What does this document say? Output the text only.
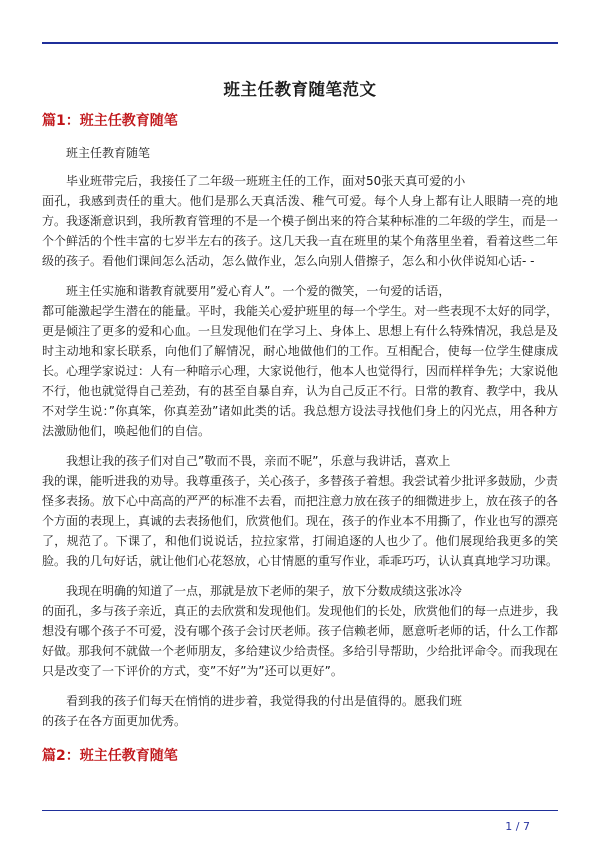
班主任教育随笔范文
篇1：班主任教育随笔
班主任教育随笔
毕业班带完后，我接任了二年级一班班主任的工作，面对50张天真可爱的小
面孔，我感到责任的重大。他们是那么天真活泼、稚气可爱。每个人身上都有让人眼睛一亮的地方。我逐渐意识到，我所教育管理的不是一个模子倒出来的符合某种标准的二年级的学生，而是一个个鲜活的个性丰富的七岁半左右的孩子。这几天我一直在班里的某个角落里坐着，看着这些二年级的孩子。看他们课间怎么活动，怎么做作业，怎么向别人借擦子，怎么和小伙伴说知心话- -
班主任实施和谐教育就要用”爱心育人”。一个爱的微笑，一句爱的话语，
都可能激起学生潜在的能量。平时，我能关心爱护班里的每一个学生。对一些表现不太好的同学，更是倾注了更多的爱和心血。一旦发现他们在学习上、身体上、思想上有什么特殊情况，我总是及时主动地和家长联系，向他们了解情况，耐心地做他们的工作。互相配合，使每一位学生健康成长。心理学家说过：人有一种暗示心理，大家说他行，他本人也觉得行，因而样样争先；大家说他不行，他也就觉得自己差劲，有的甚至自暴自弃，认为自己反正不行。日常的教育、教学中，我从不对学生说：”你真笨，你真差劲”诸如此类的话。我总想方设法寻找他们身上的闪光点，用各种方法激励他们，唤起他们的自信。
我想让我的孩子们对自己”敬而不畏，亲而不昵”，乐意与我讲话，喜欢上
我的课，能听进我的劝导。我尊重孩子，关心孩子，多替孩子着想。我尝试着少批评多鼓励，少责怪多表扬。放下心中高高的严严的标准不去看，而把注意力放在孩子的细微进步上，放在孩子的各个方面的表现上，真诚的去表扬他们，欣赏他们。现在，孩子的作业本不用撕了，作业也写的漂亮了，规范了。下课了，和他们说说话，拉拉家常，打闹追逐的人也少了。他们展现给我更多的笑脸。我的几句好话，就让他们心花怒放，心甘情愿的重写作业，乖乖巧巧，认认真真地学习功课。
我现在明确的知道了一点，那就是放下老师的架子，放下分数成绩这张冰冷
的面孔，多与孩子亲近，真正的去欣赏和发现他们。发现他们的长处，欣赏他们的每一点进步，我想没有哪个孩子不可爱，没有哪个孩子会讨厌老师。孩子信赖老师，愿意听老师的话，什么工作都好做。那我何不就做一个老师朋友，多给建议少给责怪。多给引导帮助，少给批评命令。而我现在只是改变了一下评价的方式，变”不好”为”还可以更好”。
看到我的孩子们每天在悄悄的进步着，我觉得我的付出是值得的。愿我们班
的孩子在各方面更加优秀。
篇2：班主任教育随笔
1 / 7
